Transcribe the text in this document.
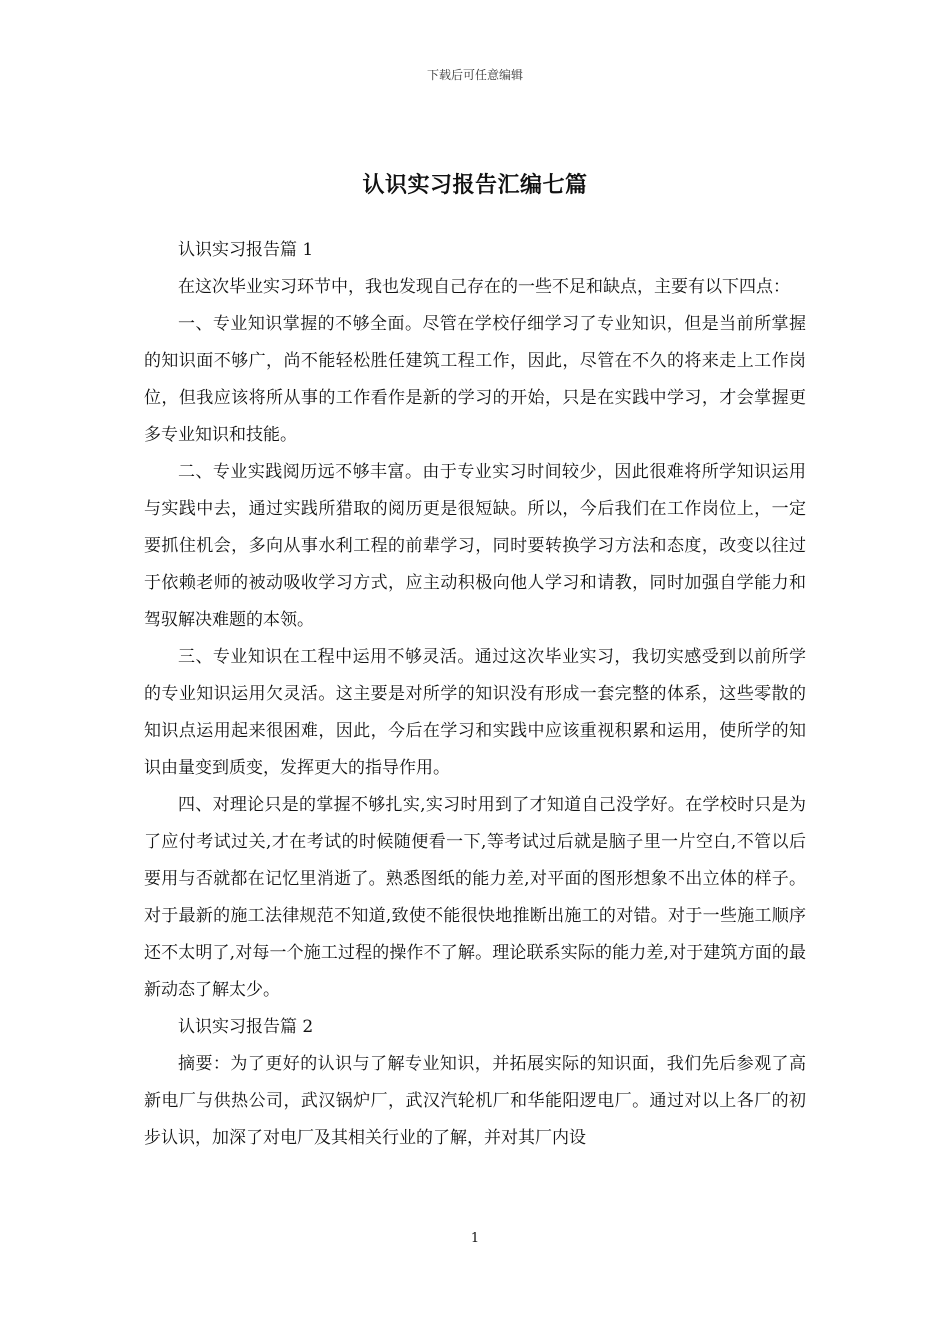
下载后可任意编辑
认识实习报告汇编七篇

认识实习报告篇 1

在这次毕业实习环节中，我也发现自己存在的一些不足和缺点，主要有以下四点：

一、专业知识掌握的不够全面。尽管在学校仔细学习了专业知识，但是当前所掌握的知识面不够广，尚不能轻松胜任建筑工程工作，因此，尽管在不久的将来走上工作岗位，但我应该将所从事的工作看作是新的学习的开始，只是在实践中学习，才会掌握更多专业知识和技能。

二、专业实践阅历远不够丰富。由于专业实习时间较少，因此很难将所学知识运用与实践中去，通过实践所猎取的阅历更是很短缺。所以，今后我们在工作岗位上，一定要抓住机会，多向从事水利工程的前辈学习，同时要转换学习方法和态度，改变以往过于依赖老师的被动吸收学习方式，应主动积极向他人学习和请教，同时加强自学能力和驾驭解决难题的本领。

三、专业知识在工程中运用不够灵活。通过这次毕业实习，我切实感受到以前所学的专业知识运用欠灵活。这主要是对所学的知识没有形成一套完整的体系，这些零散的知识点运用起来很困难，因此，今后在学习和实践中应该重视积累和运用，使所学的知识由量变到质变，发挥更大的指导作用。

四、对理论只是的掌握不够扎实,实习时用到了才知道自己没学好。在学校时只是为了应付考试过关,才在考试的时候随便看一下,等考试过后就是脑子里一片空白,不管以后要用与否就都在记忆里消逝了。熟悉图纸的能力差,对平面的图形想象不出立体的样子。对于最新的施工法律规范不知道,致使不能很快地推断出施工的对错。对于一些施工顺序还不太明了,对每一个施工过程的操作不了解。理论联系实际的能力差,对于建筑方面的最新动态了解太少。

认识实习报告篇 2

摘要：为了更好的认识与了解专业知识，并拓展实际的知识面，我们先后参观了高新电厂与供热公司，武汉锅炉厂，武汉汽轮机厂和华能阳逻电厂。通过对以上各厂的初步认识，加深了对电厂及其相关行业的了解，并对其厂内设

1
